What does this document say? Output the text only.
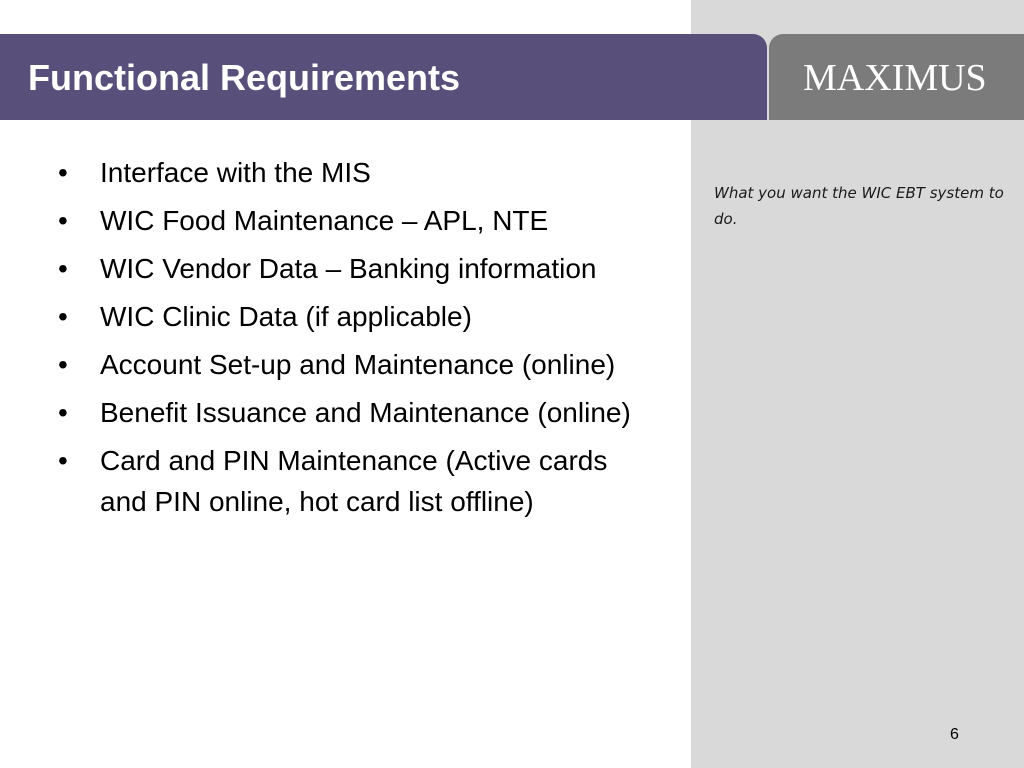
Functional Requirements	MAXIMUS
• Interface with the MIS
• WIC Food Maintenance – APL, NTE
• WIC Vendor Data – Banking information
• WIC Clinic Data (if applicable)
• Account Set-up and Maintenance (online)
• Benefit Issuance and Maintenance (online)
• Card and PIN Maintenance (Active cards and PIN online, hot card list offline)
What you want the WIC EBT system to do.
6
